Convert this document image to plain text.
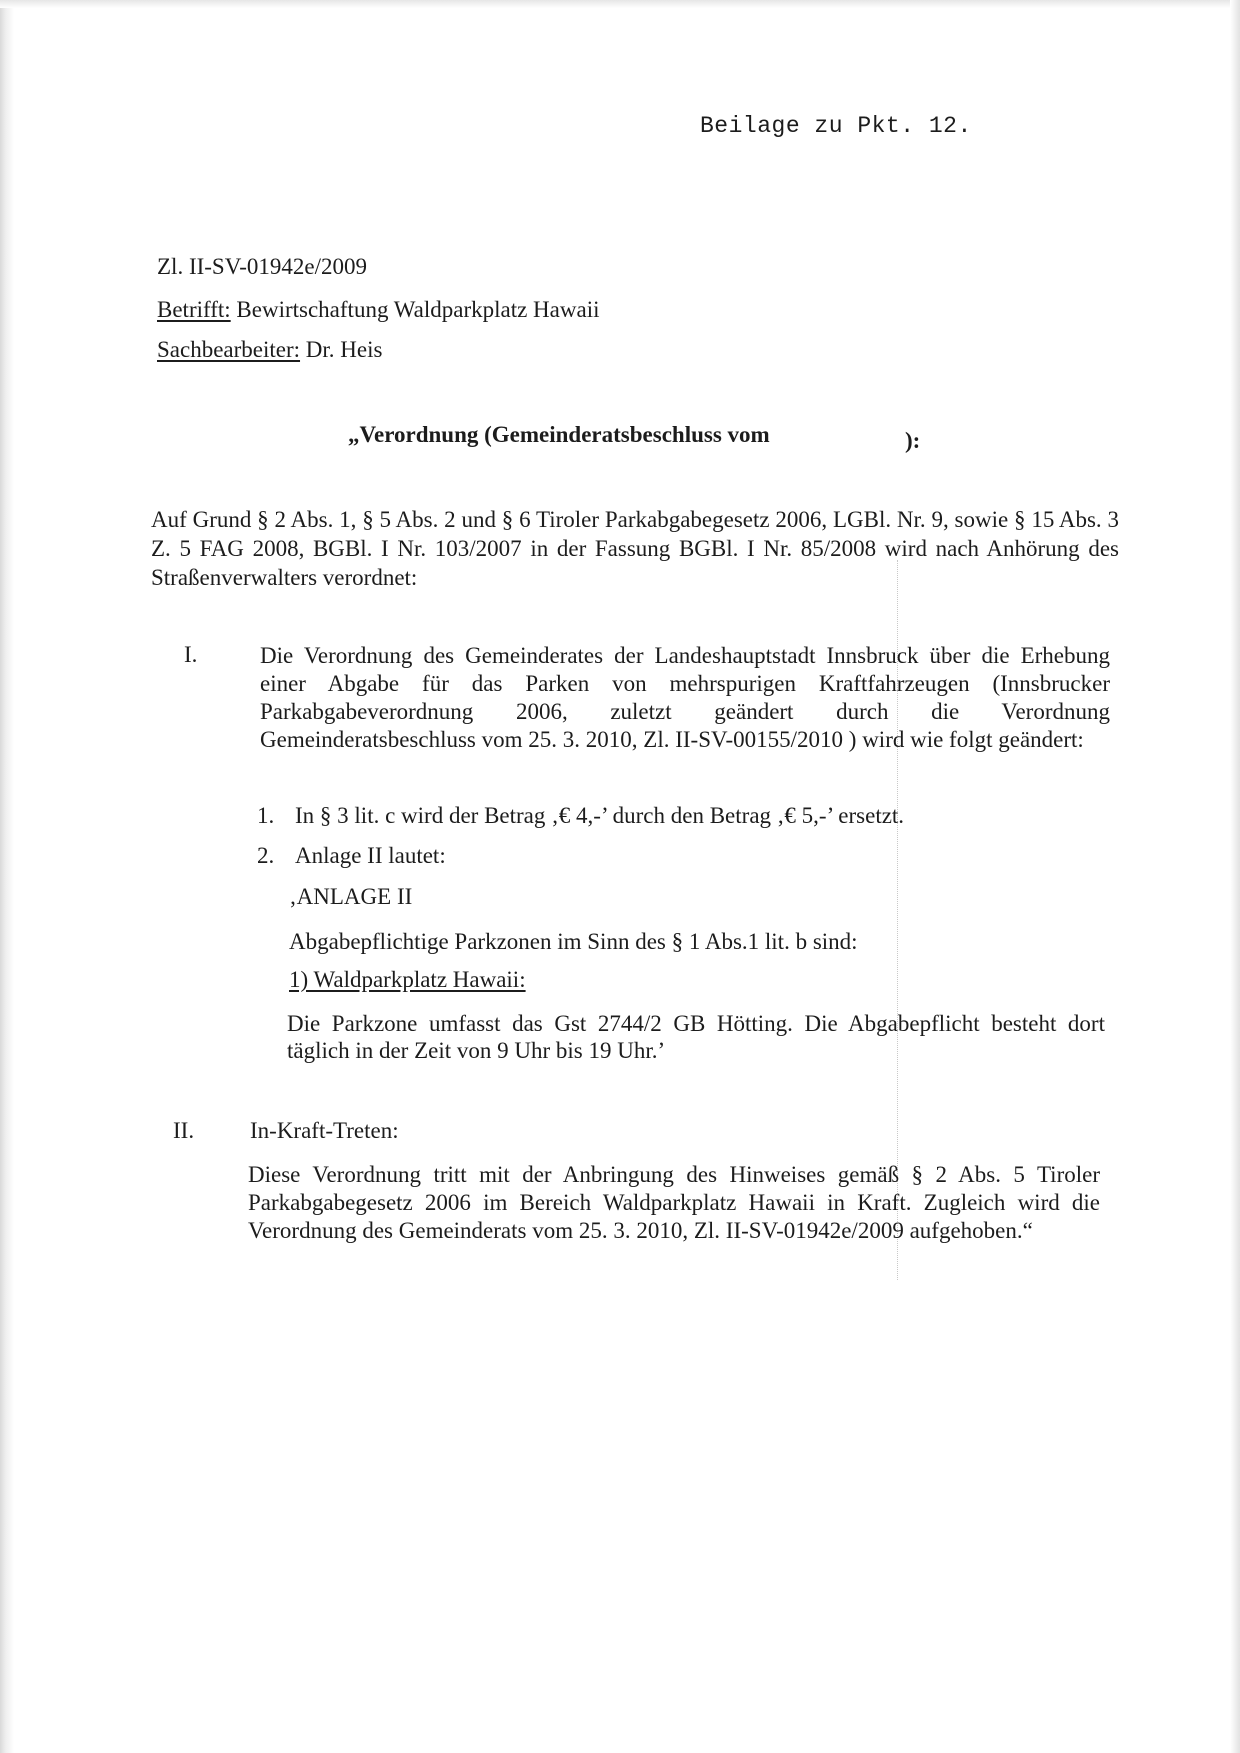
Beilage zu Pkt. 12.
Zl. II-SV-01942e/2009
Betrifft: Bewirtschaftung Waldparkplatz Hawaii
Sachbearbeiter: Dr. Heis
„Verordnung (Gemeinderatsbeschluss vom	):
Auf Grund § 2 Abs. 1, § 5 Abs. 2 und § 6 Tiroler Parkabgabegesetz 2006, LGBl. Nr. 9, sowie § 15 Abs. 3 Z. 5 FAG 2008, BGBl. I Nr. 103/2007 in der Fassung BGBl. I Nr. 85/2008 wird nach Anhörung des Straßenverwalters verordnet:
I.	Die Verordnung des Gemeinderates der Landeshauptstadt Innsbruck über die Erhebung einer Abgabe für das Parken von mehrspurigen Kraftfahrzeugen (Innsbrucker Parkabgabeverordnung 2006, zuletzt geändert durch die Verordnung Gemeinderatsbeschluss vom 25. 3. 2010, Zl. II-SV-00155/2010 ) wird wie folgt geändert:
1. In § 3 lit. c wird der Betrag ‚€ 4,-’ durch den Betrag ‚€ 5,-’ ersetzt.
2. Anlage II lautet:
‚ANLAGE II
Abgabepflichtige Parkzonen im Sinn des § 1 Abs.1 lit. b sind:
1) Waldparkplatz Hawaii:
Die Parkzone umfasst das Gst 2744/2 GB Hötting. Die Abgabepflicht besteht dort täglich in der Zeit von 9 Uhr bis 19 Uhr.’
II. In-Kraft-Treten:
Diese Verordnung tritt mit der Anbringung des Hinweises gemäß § 2 Abs. 5 Tiroler Parkabgabegesetz 2006 im Bereich Waldparkplatz Hawaii in Kraft. Zugleich wird die Verordnung des Gemeinderats vom 25. 3. 2010, Zl. II-SV-01942e/2009 aufgehoben.“
